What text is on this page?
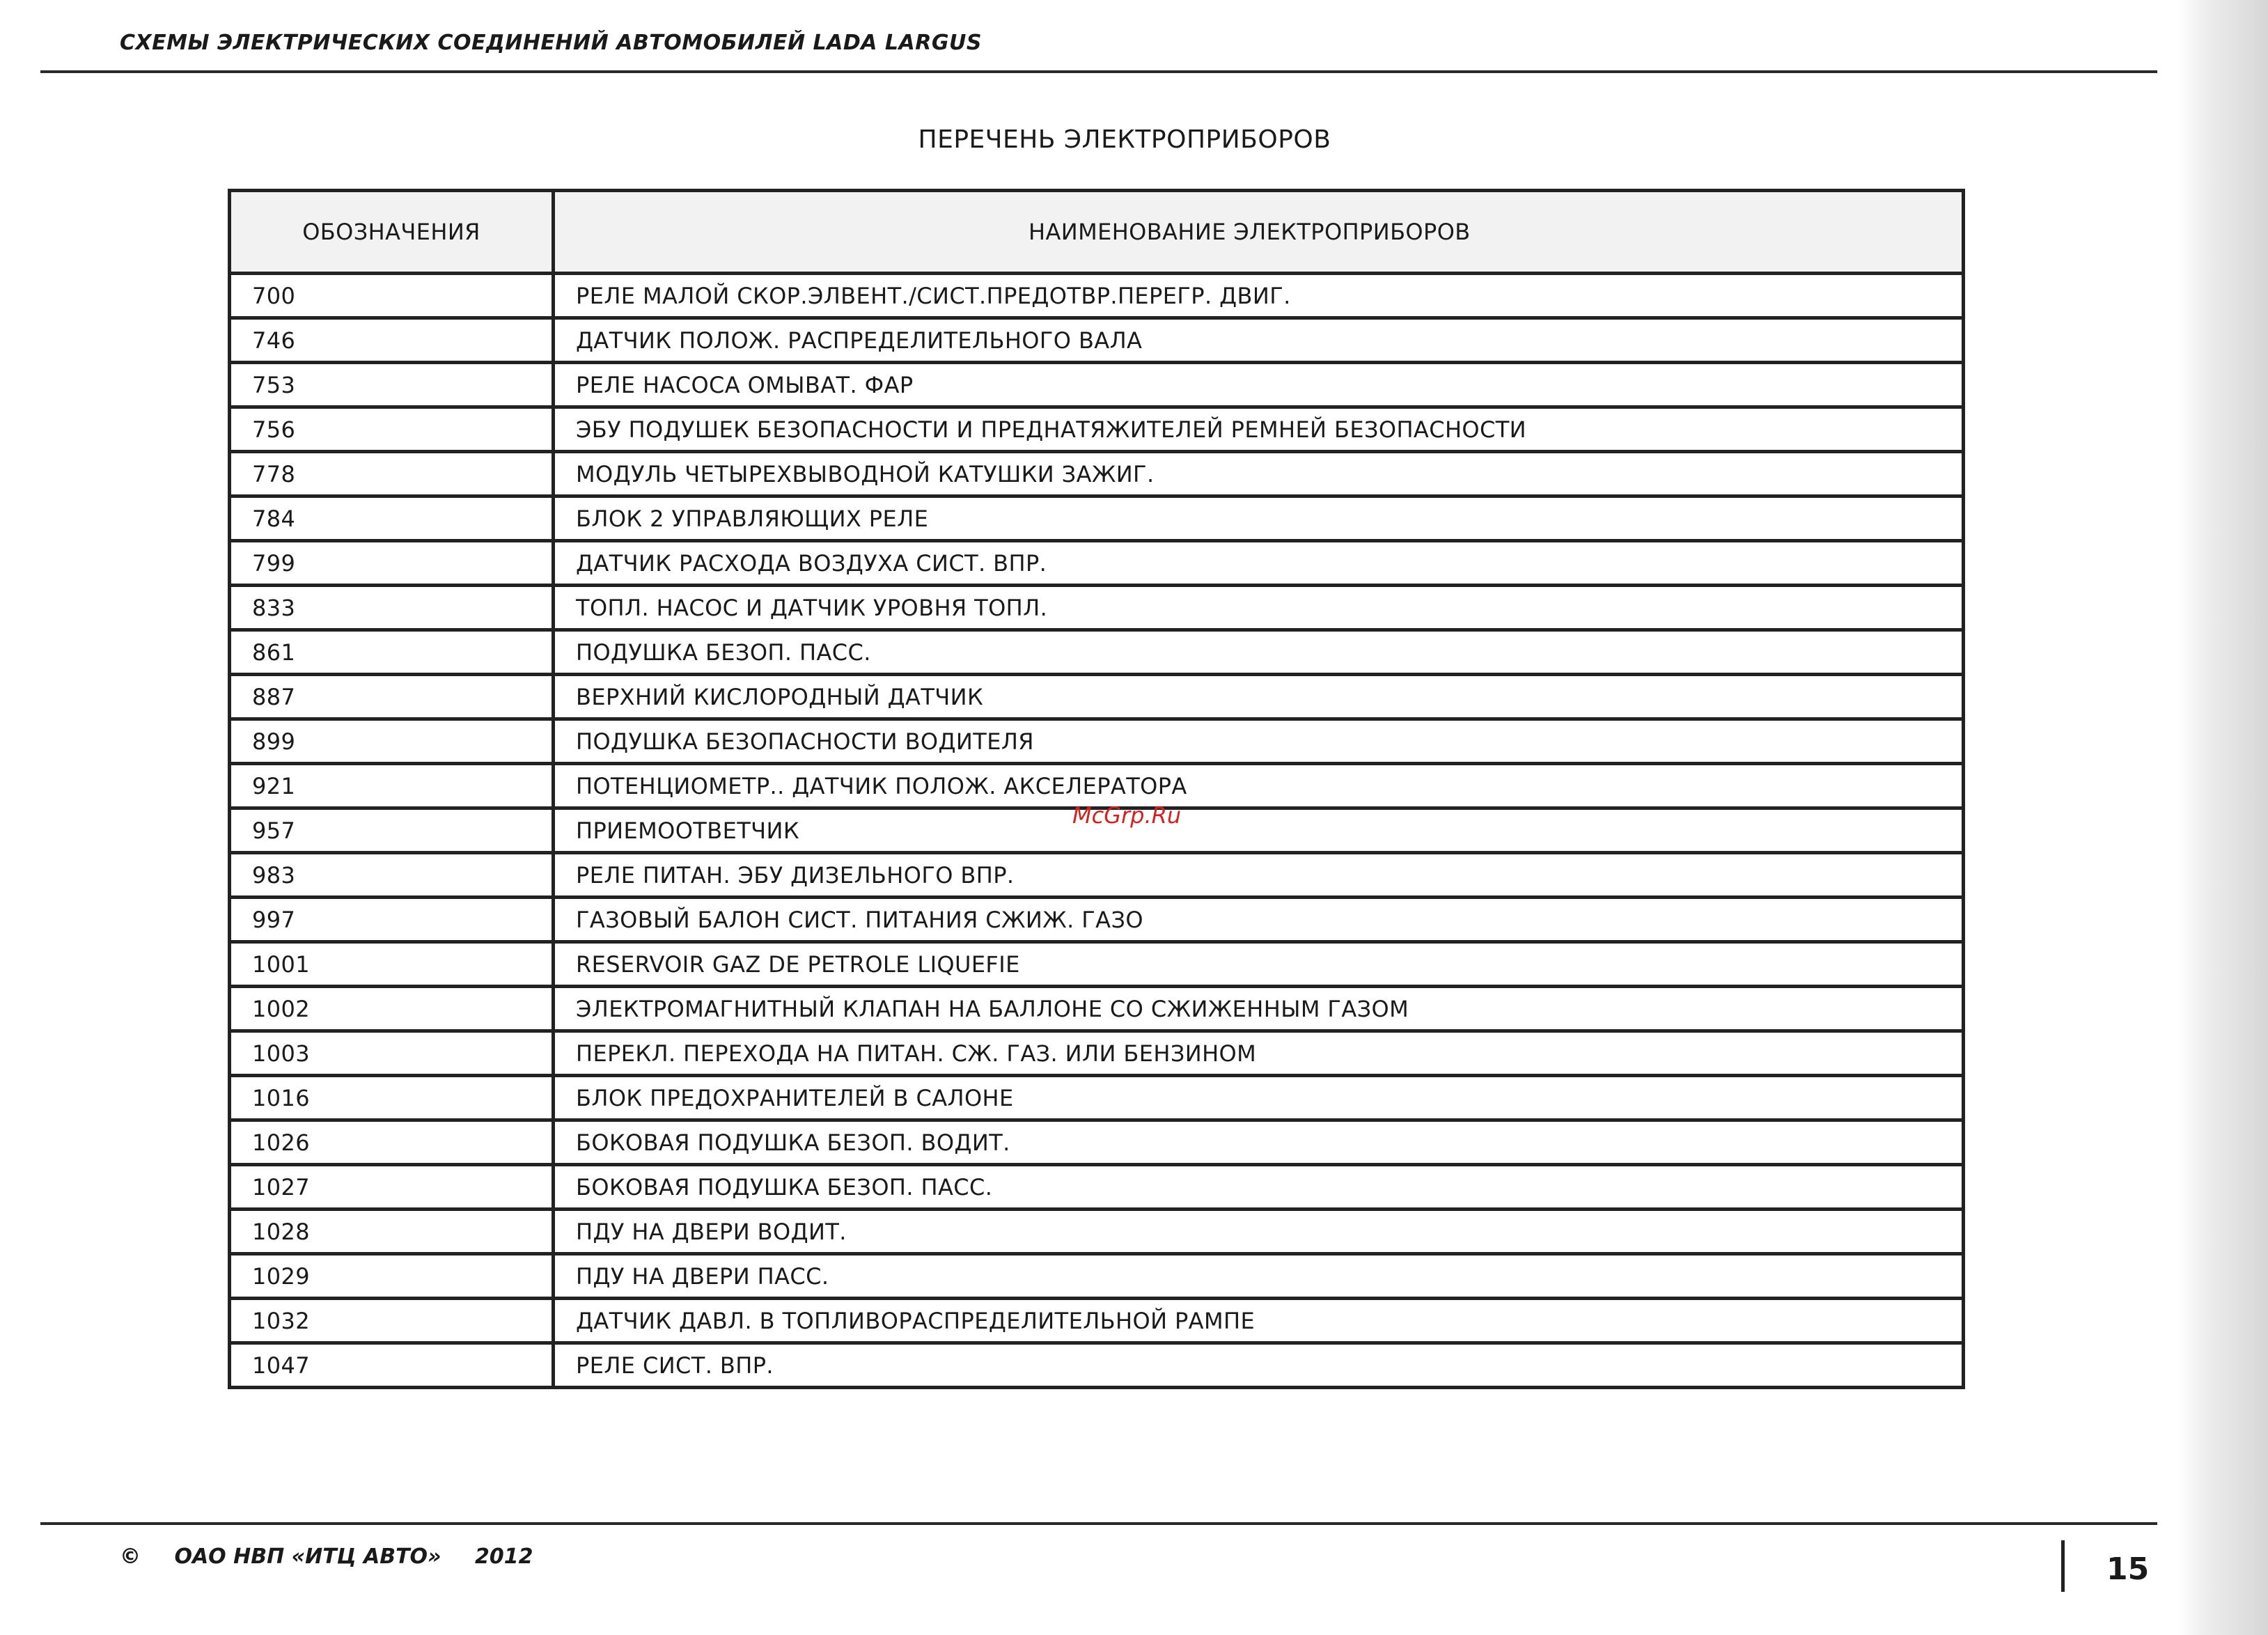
СХЕМЫ ЭЛЕКТРИЧЕСКИХ СОЕДИНЕНИЙ АВТОМОБИЛЕЙ LADA LARGUS
ПЕРЕЧЕНЬ ЭЛЕКТРОПРИБОРОВ
ОБОЗНАЧЕНИЯ	НАИМЕНОВАНИЕ ЭЛЕКТРОПРИБОРОВ
700	РЕЛЕ МАЛОЙ СКОР.ЭЛВЕНТ./СИСТ.ПРЕДОТВР.ПЕРЕГР. ДВИГ.
746	ДАТЧИК ПОЛОЖ. РАСПРЕДЕЛИТЕЛЬНОГО ВАЛА
753	РЕЛЕ НАСОСА ОМЫВАТ. ФАР
756	ЭБУ ПОДУШЕК БЕЗОПАСНОСТИ И ПРЕДНАТЯЖИТЕЛЕЙ РЕМНЕЙ БЕЗОПАСНОСТИ
778	МОДУЛЬ ЧЕТЫРЕХВЫВОДНОЙ КАТУШКИ ЗАЖИГ.
784	БЛОК 2 УПРАВЛЯЮЩИХ РЕЛЕ
799	ДАТЧИК РАСХОДА ВОЗДУХА СИСТ. ВПР.
833	ТОПЛ. НАСОС И ДАТЧИК УРОВНЯ ТОПЛ.
861	ПОДУШКА БЕЗОП. ПАСС.
887	ВЕРХНИЙ КИСЛОРОДНЫЙ ДАТЧИК
899	ПОДУШКА БЕЗОПАСНОСТИ ВОДИТЕЛЯ
921	ПОТЕНЦИОМЕТР.. ДАТЧИК ПОЛОЖ. АКСЕЛЕРАТОРА
957	ПРИЕМООТВЕТЧИК
983	РЕЛЕ ПИТАН. ЭБУ ДИЗЕЛЬНОГО ВПР.
997	ГАЗОВЫЙ БАЛОН СИСТ. ПИТАНИЯ СЖИЖ. ГАЗО
1001	RESERVOIR GAZ DE PETROLE LIQUEFIE
1002	ЭЛЕКТРОМАГНИТНЫЙ КЛАПАН НА БАЛЛОНЕ СО СЖИЖЕННЫМ ГАЗОМ
1003	ПЕРЕКЛ. ПЕРЕХОДА НА ПИТАН. СЖ. ГАЗ. ИЛИ БЕНЗИНОМ
1016	БЛОК ПРЕДОХРАНИТЕЛЕЙ В САЛОНЕ
1026	БОКОВАЯ ПОДУШКА БЕЗОП. ВОДИТ.
1027	БОКОВАЯ ПОДУШКА БЕЗОП. ПАСС.
1028	ПДУ НА ДВЕРИ ВОДИТ.
1029	ПДУ НА ДВЕРИ ПАСС.
1032	ДАТЧИК ДАВЛ. В ТОПЛИВОРАСПРЕДЕЛИТЕЛЬНОЙ РАМПЕ
1047	РЕЛЕ СИСТ. ВПР.
McGrp.Ru
© ОАО НВП «ИТЦ АВТО» 2012	15
